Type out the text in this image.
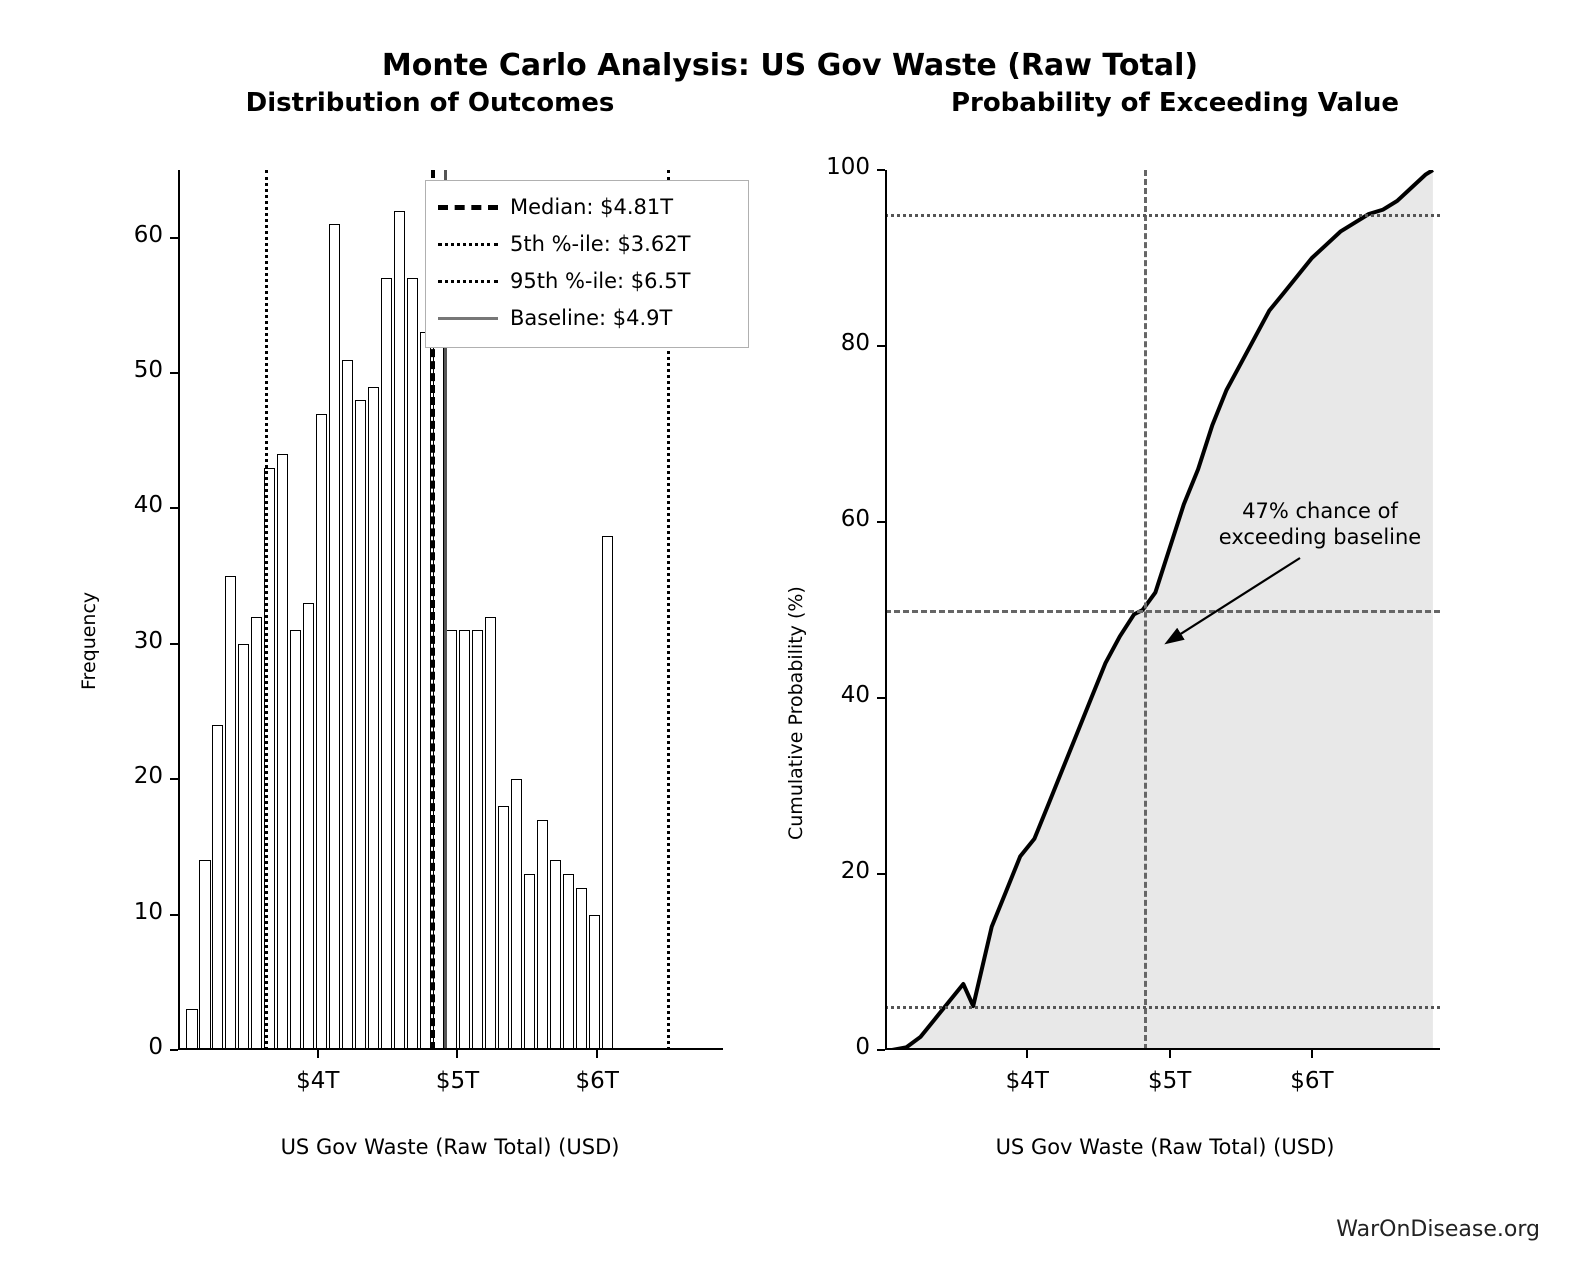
Monte Carlo Analysis: US Gov Waste (Raw Total)
Distribution of Outcomes	Probability of Exceeding Value
0
10
20
30
40
50
60
$4T	$5T	$6T
Frequency
US Gov Waste (Raw Total) (USD)
Median: $4.81T
5th %-ile: $3.62T
95th %-ile: $6.5T
Baseline: $4.9T
0
20
40
60
80
100
$4T	$5T	$6T
Cumulative Probability (%)
US Gov Waste (Raw Total) (USD)
47% chance of
exceeding baseline
WarOnDisease.org
